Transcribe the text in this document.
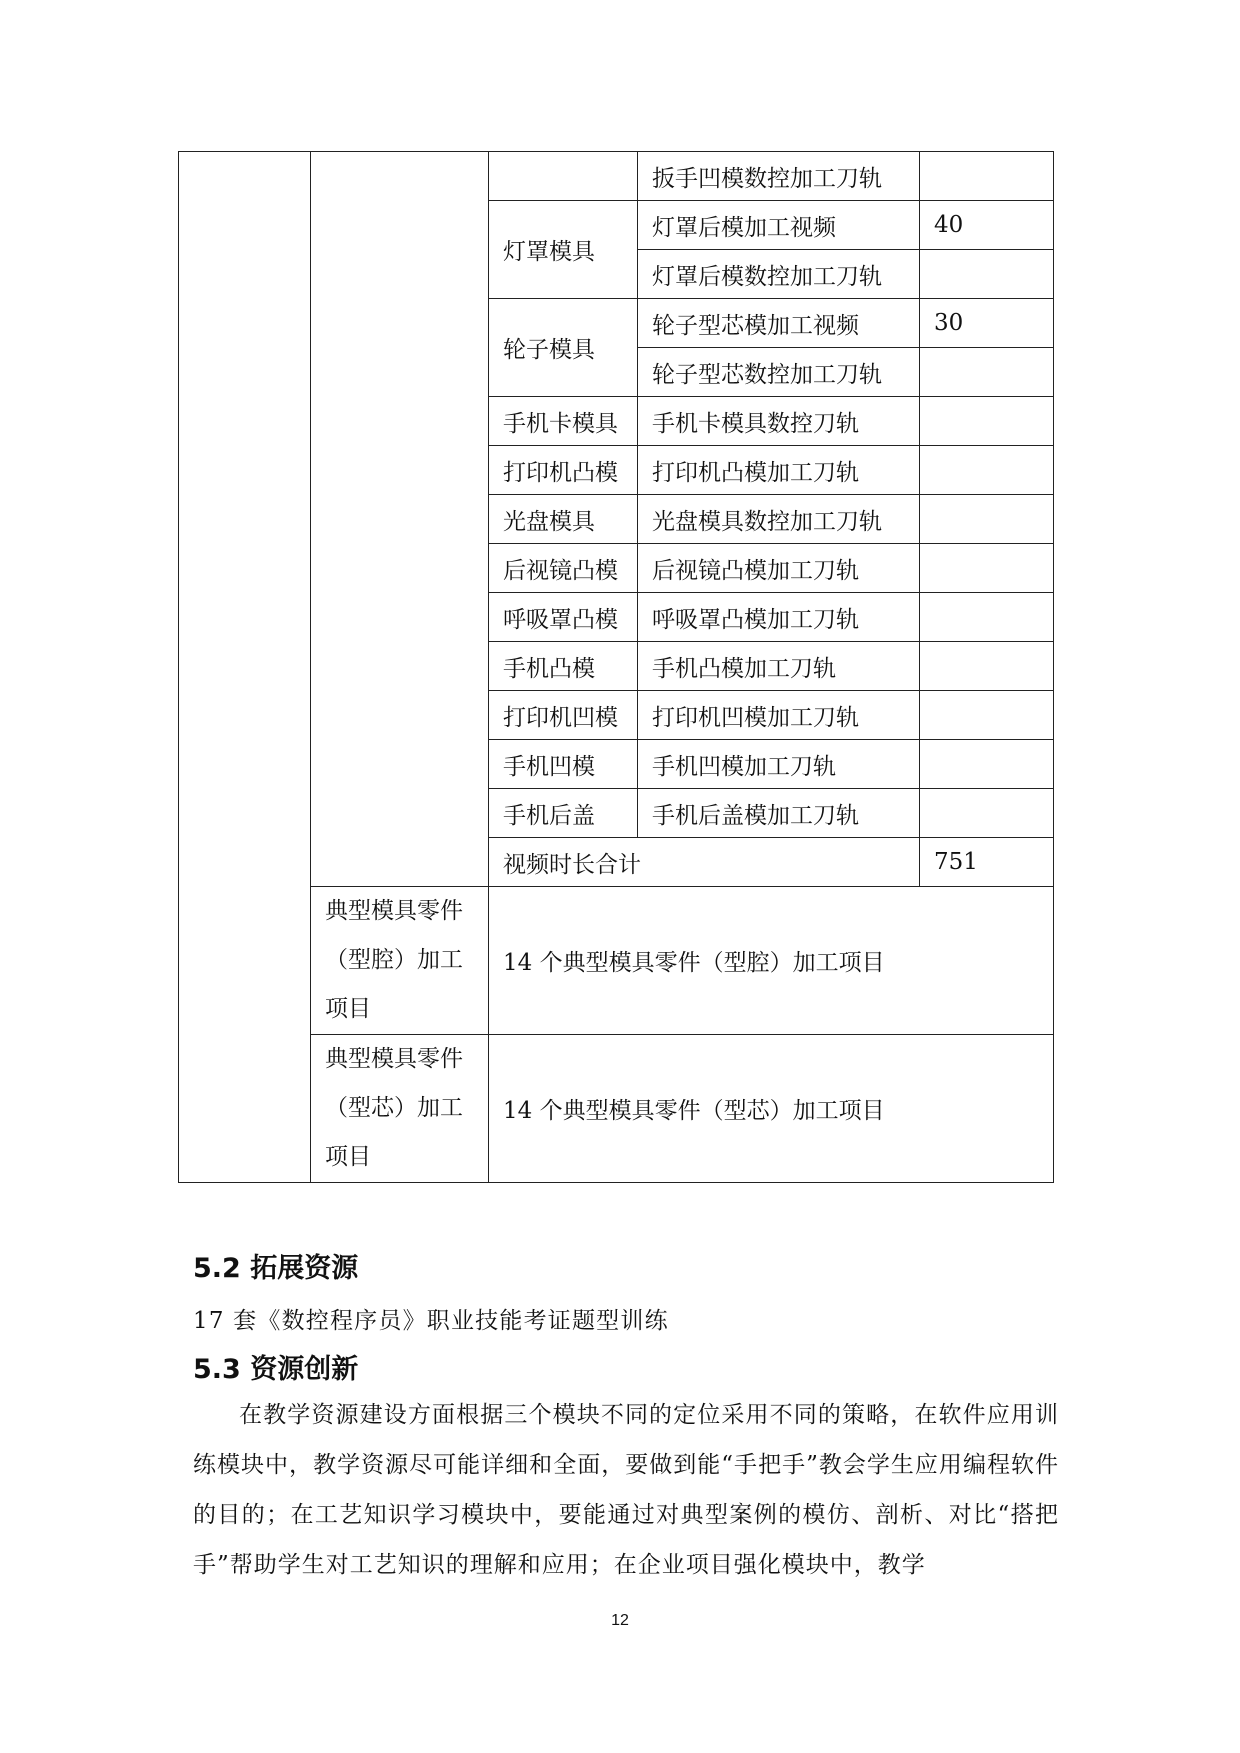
			扳手凹模数控加工刀轨	
		灯罩模具	灯罩后模加工视频	40
			灯罩后模数控加工刀轨	
		轮子模具	轮子型芯模加工视频	30
			轮子型芯数控加工刀轨	
		手机卡模具	手机卡模具数控刀轨	
		打印机凸模	打印机凸模加工刀轨	
		光盘模具	光盘模具数控加工刀轨	
		后视镜凸模	后视镜凸模加工刀轨	
		呼吸罩凸模	呼吸罩凸模加工刀轨	
		手机凸模	手机凸模加工刀轨	
		打印机凹模	打印机凹模加工刀轨	
		手机凹模	手机凹模加工刀轨	
		手机后盖	手机后盖模加工刀轨	
		视频时长合计		751
	典型模具零件（型腔）加工项目	14 个典型模具零件（型腔）加工项目		
	典型模具零件（型芯）加工项目	14 个典型模具零件（型芯）加工项目		
5.2 拓展资源
17 套《数控程序员》职业技能考证题型训练
5.3 资源创新
在教学资源建设方面根据三个模块不同的定位采用不同的策略，在软件应用训练模块中，教学资源尽可能详细和全面，要做到能“手把手”教会学生应用编程软件的目的；在工艺知识学习模块中，要能通过对典型案例的模仿、剖析、对比“搭把手”帮助学生对工艺知识的理解和应用；在企业项目强化模块中，教学
12
